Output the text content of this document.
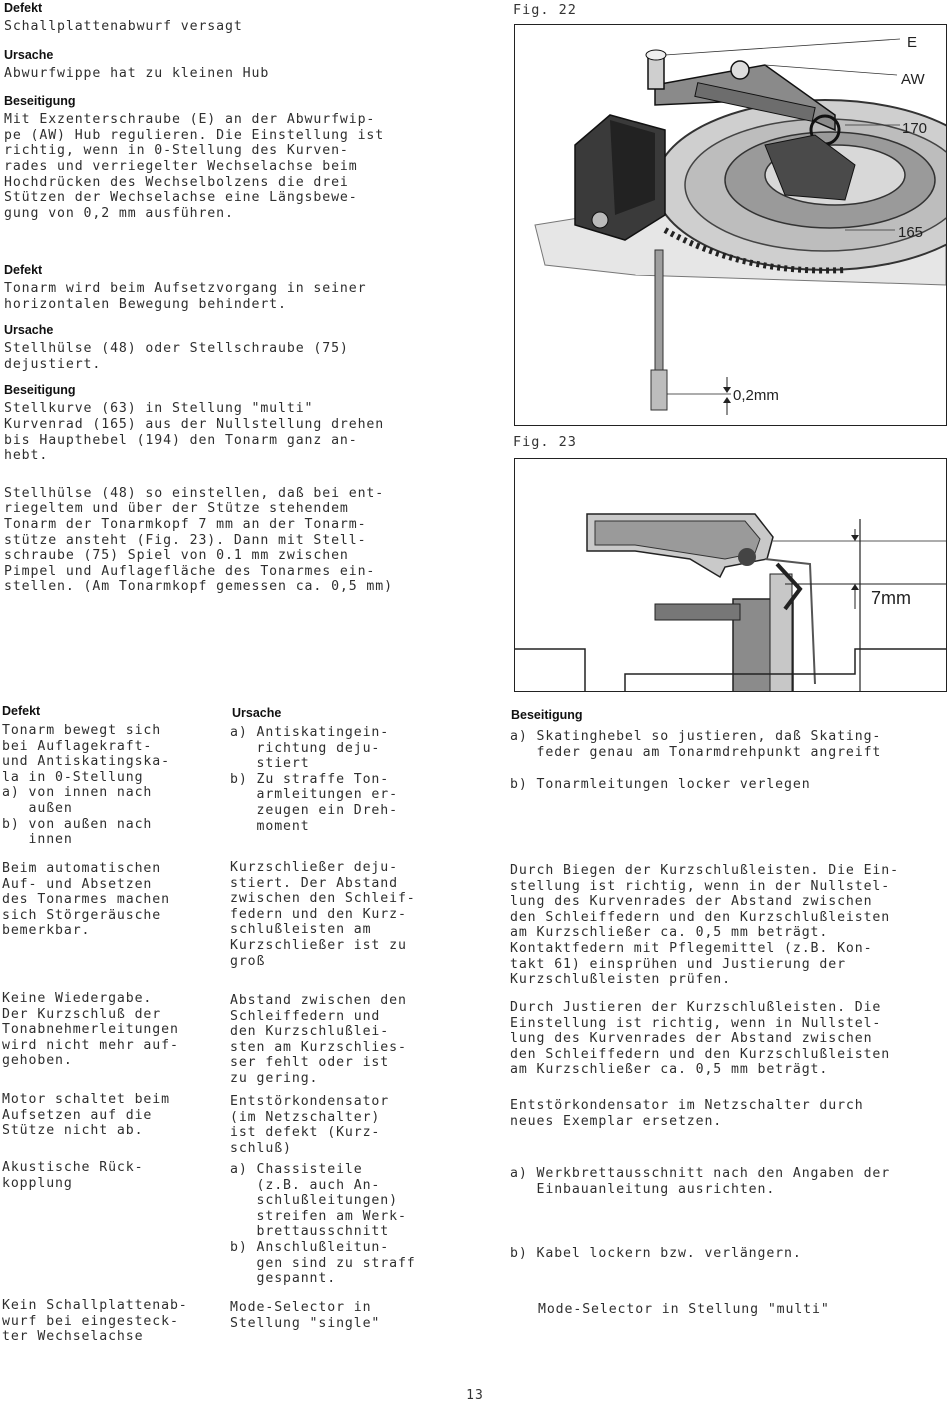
Defekt
Schallplattenabwurf versagt
Ursache
Abwurfwippe hat zu kleinen Hub
Beseitigung
Mit Exzenterschraube (E) an der Abwurfwip-
pe (AW) Hub regulieren. Die Einstellung ist
richtig, wenn in 0-Stellung des Kurven-
rades und verriegelter Wechselachse beim
Hochdrücken des Wechselbolzens die drei
Stützen der Wechselachse eine Längsbewe-
gung von 0,2 mm ausführen.
Defekt
Tonarm wird beim Aufsetzvorgang in seiner
horizontalen Bewegung behindert.
Ursache
Stellhülse (48) oder Stellschraube (75)
dejustiert.
Beseitigung
Stellkurve (63) in Stellung "multi"
Kurvenrad (165) aus der Nullstellung drehen
bis Haupthebel (194) den Tonarm ganz an-
hebt.
Stellhülse (48) so einstellen, daß bei ent-
riegeltem und über der Stütze stehendem
Tonarm der Tonarmkopf 7 mm an der Tonarm-
stütze ansteht (Fig. 23). Dann mit Stell-
schraube (75) Spiel von 0.1 mm zwischen
Pimpel und Auflagefläche des Tonarmes ein-
stellen. (Am Tonarmkopf gemessen ca. 0,5 mm)
Fig. 22
E
AW
170
165
0,2mm
Fig. 23
7mm
Defekt	Ursache	Beseitigung
Tonarm bewegt sich
bei Auflagekraft-
und Antiskatingska-
la in 0-Stellung
a) von innen nach
außen
b) von außen nach
innen
a) Antiskatingein-
richtung deju-
stiert
b) Zu straffe Ton-
armleitungen er-
zeugen ein Dreh-
moment
a) Skatinghebel so justieren, daß Skating-
feder genau am Tonarmdrehpunkt angreift
b) Tonarmleitungen locker verlegen
Beim automatischen
Auf- und Absetzen
des Tonarmes machen
sich Störgeräusche
bemerkbar.
Kurzschließer deju-
stiert. Der Abstand
zwischen den Schleif-
federn und den Kurz-
schlußleisten am
Kurzschließer ist zu
groß
Durch Biegen der Kurzschlußleisten. Die Ein-
stellung ist richtig, wenn in der Nullstel-
lung des Kurvenrades der Abstand zwischen
den Schleiffedern und den Kurzschlußleisten
am Kurzschließer ca. 0,5 mm beträgt.
Kontaktfedern mit Pflegemittel (z.B. Kon-
takt 61) einsprühen und Justierung der
Kurzschlußleisten prüfen.
Keine Wiedergabe.
Der Kurzschluß der
Tonabnehmerleitungen
wird nicht mehr auf-
gehoben.
Abstand zwischen den
Schleiffedern und
den Kurzschlußlei-
sten am Kurzschlies-
ser fehlt oder ist
zu gering.
Durch Justieren der Kurzschlußleisten. Die
Einstellung ist richtig, wenn in Nullstel-
lung des Kurvenrades der Abstand zwischen
den Schleiffedern und den Kurzschlußleisten
am Kurzschließer ca. 0,5 mm beträgt.
Motor schaltet beim
Aufsetzen auf die
Stütze nicht ab.
Entstörkondensator
(im Netzschalter)
ist defekt (Kurz-
schluß)
Entstörkondensator im Netzschalter durch
neues Exemplar ersetzen.
Akustische Rück-
kopplung
a) Chassisteile
(z.B. auch An-
schlußleitungen)
streifen am Werk-
brettausschnitt
b) Anschlußleitun-
gen sind zu straff
gespannt.
a) Werkbrettausschnitt nach den Angaben der
Einbauanleitung ausrichten.
b) Kabel lockern bzw. verlängern.
Kein Schallplattenab-
wurf bei eingesteck-
ter Wechselachse
Mode-Selector in
Stellung "single"
Mode-Selector in Stellung "multi"
13
